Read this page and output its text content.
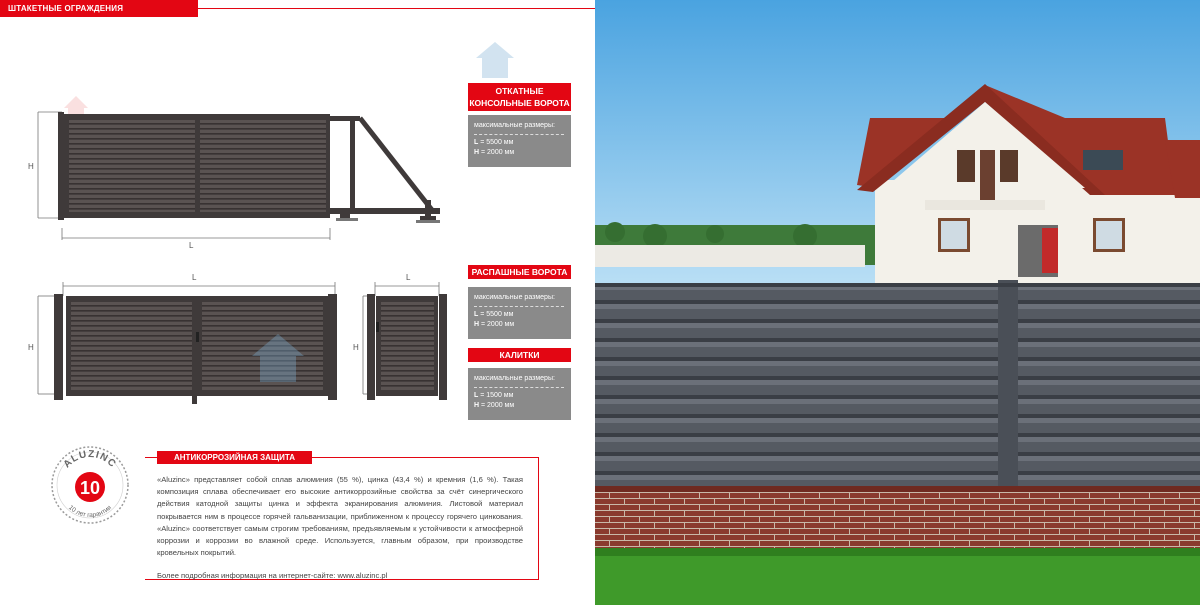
ШТАКЕТНЫЕ ОГРАЖДЕНИЯ
H
L
H
L
H
L
ОТКАТНЫЕ
КОНСОЛЬНЫЕ ВОРОТА
максимальные размеры:
L = 5500 мм
H = 2000 мм
РАСПАШНЫЕ ВОРОТА
максимальные размеры:
L = 5500 мм
H = 2000 мм
КАЛИТКИ
максимальные размеры:
L = 1500 мм
H = 2000 мм
ALUZINC
10
10 лет гарантии
АНТИКОРРОЗИЙНАЯ ЗАЩИТА
«Aluzinc» представляет собой сплав алюминия (55 %), цинка (43,4 %) и кремния (1,6 %). Такая композиция сплава обеспечивает его высокие антикоррозийные свойства за счёт синергического действия катодной защиты цинка и эффекта экранирования алюминия. Листовой материал покрывается ним в процессе горячей гальванизации, приближенном к процессу горячего цинкования. «Aluzinc» соответствует самым строгим требованиям, предъявляемым к устойчивости к атмосферной коррозии и коррозии во влажной среде. Используется, главным образом, при производстве кровельных покрытий.
Более подробная информация на интернет-сайте: www.aluzinc.pl
